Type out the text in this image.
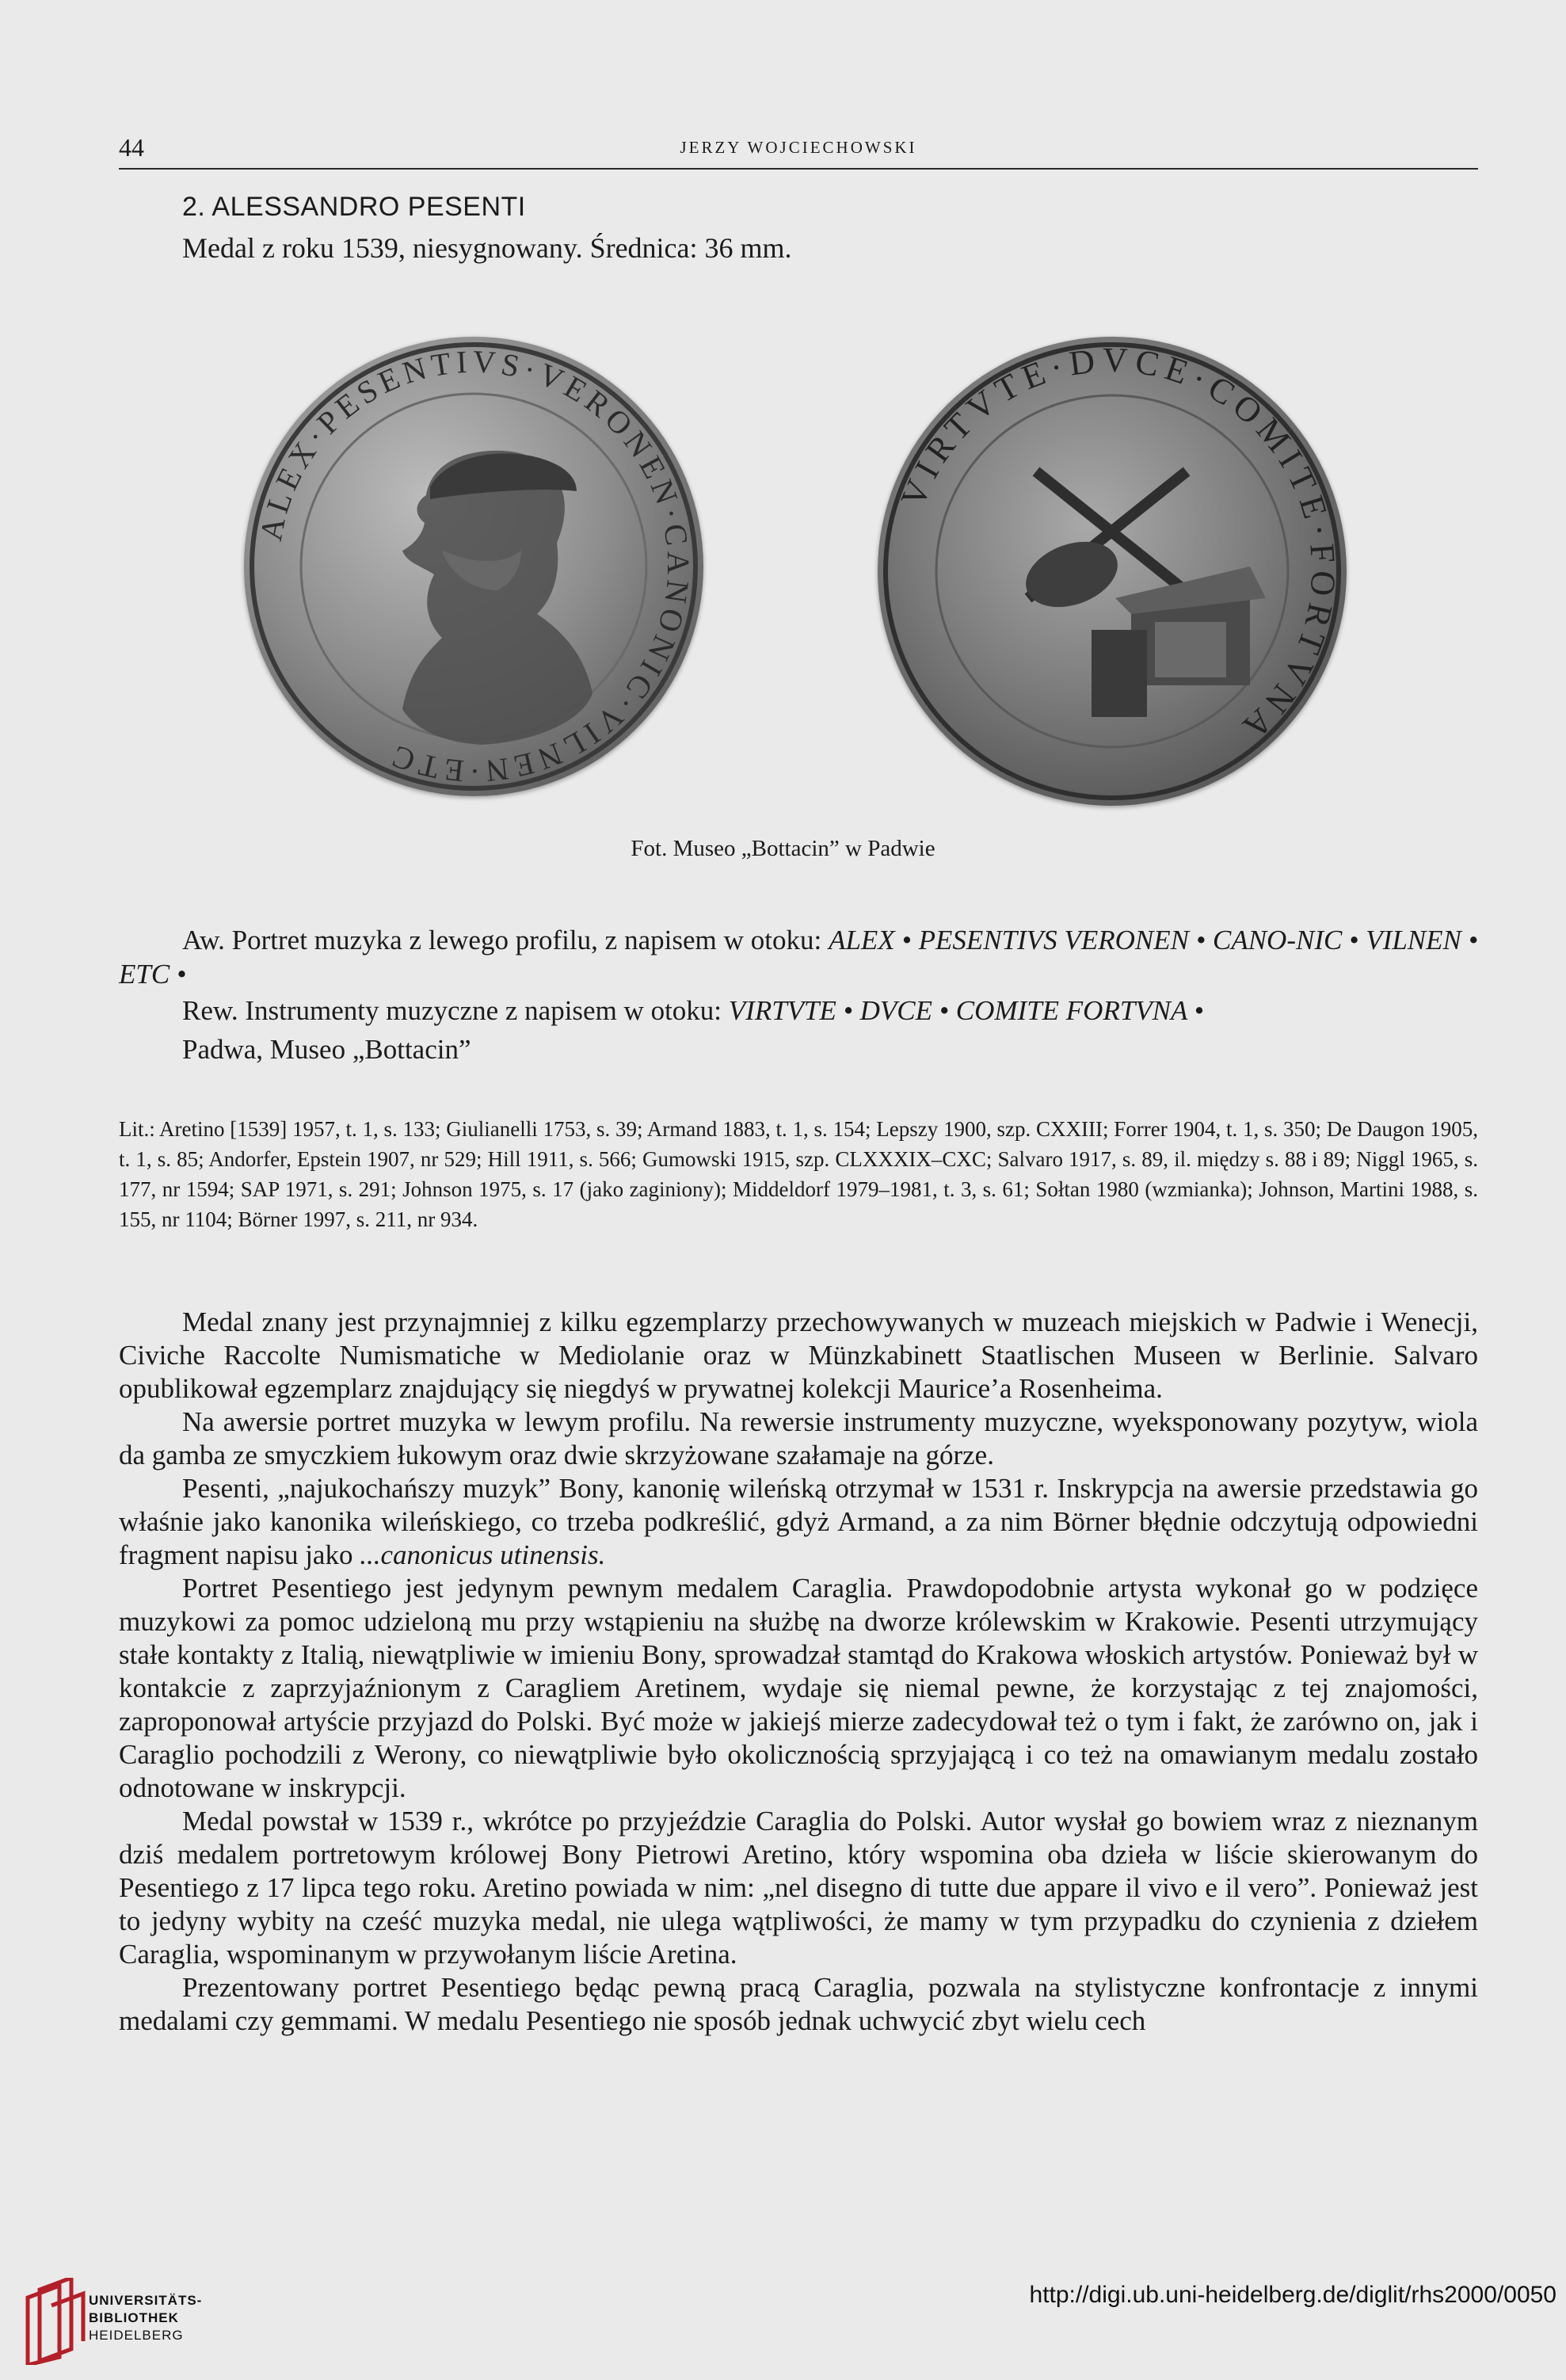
44	JERZY WOJCIECHOWSKI
2. ALESSANDRO PESENTI
Medal z roku 1539, niesygnowany. Średnica: 36 mm.
ALEX·PESENTIVS·VERONEN·CANONIC·VILNEN·ETC
VIRTVTE·DVCE·COMITE·FORTVNA
Fot. Museo „Bottacin” w Padwie
Aw. Portret muzyka z lewego profilu, z napisem w otoku: ALEX • PESENTIVS VERONEN • CANO-NIC • VILNEN • ETC •
Rew. Instrumenty muzyczne z napisem w otoku: VIRTVTE • DVCE • COMITE FORTVNA •
Padwa, Museo „Bottacin”
Lit.: Aretino [1539] 1957, t. 1, s. 133; Giulianelli 1753, s. 39; Armand 1883, t. 1, s. 154; Lepszy 1900, szp. CXXIII; Forrer 1904, t. 1, s. 350; De Daugon 1905, t. 1, s. 85; Andorfer, Epstein 1907, nr 529; Hill 1911, s. 566; Gumowski 1915, szp. CLXXXIX–CXC; Salvaro 1917, s. 89, il. między s. 88 i 89; Niggl 1965, s. 177, nr 1594; SAP 1971, s. 291; Johnson 1975, s. 17 (jako zaginiony); Middeldorf 1979–1981, t. 3, s. 61; Sołtan 1980 (wzmianka); Johnson, Martini 1988, s. 155, nr 1104; Börner 1997, s. 211, nr 934.

Medal znany jest przynajmniej z kilku egzemplarzy przechowywanych w muzeach miejskich w Padwie i Wenecji, Civiche Raccolte Numismatiche w Mediolanie oraz w Münzkabinett Staatlischen Museen w Berlinie. Salvaro opublikował egzemplarz znajdujący się niegdyś w prywatnej kolekcji Maurice’a Rosenheima.

Na awersie portret muzyka w lewym profilu. Na rewersie instrumenty muzyczne, wyeksponowany pozytyw, wiola da gamba ze smyczkiem łukowym oraz dwie skrzyżowane szałamaje na górze.

Pesenti, „najukochańszy muzyk” Bony, kanonię wileńską otrzymał w 1531 r. Inskrypcja na awersie przedstawia go właśnie jako kanonika wileńskiego, co trzeba podkreślić, gdyż Armand, a za nim Börner błędnie odczytują odpowiedni fragment napisu jako ...canonicus utinensis.

Portret Pesentiego jest jedynym pewnym medalem Caraglia. Prawdopodobnie artysta wykonał go w podzięce muzykowi za pomoc udzieloną mu przy wstąpieniu na służbę na dworze królewskim w Krakowie. Pesenti utrzymujący stałe kontakty z Italią, niewątpliwie w imieniu Bony, sprowadzał stamtąd do Krakowa włoskich artystów. Ponieważ był w kontakcie z zaprzyjaźnionym z Caragliem Aretinem, wydaje się niemal pewne, że korzystając z tej znajomości, zaproponował artyście przyjazd do Polski. Być może w jakiejś mierze zadecydował też o tym i fakt, że zarówno on, jak i Caraglio pochodzili z Werony, co niewątpliwie było okolicznością sprzyjającą i co też na omawianym medalu zostało odnotowane w inskrypcji.

Medal powstał w 1539 r., wkrótce po przyjeździe Caraglia do Polski. Autor wysłał go bowiem wraz z nieznanym dziś medalem portretowym królowej Bony Pietrowi Aretino, który wspomina oba dzieła w liście skierowanym do Pesentiego z 17 lipca tego roku. Aretino powiada w nim: „nel disegno di tutte due appare il vivo e il vero”. Ponieważ jest to jedyny wybity na cześć muzyka medal, nie ulega wątpliwości, że mamy w tym przypadku do czynienia z dziełem Caraglia, wspominanym w przywołanym liście Aretina.

Prezentowany portret Pesentiego będąc pewną pracą Caraglia, pozwala na stylistyczne konfrontacje z innymi medalami czy gemmami. W medalu Pesentiego nie sposób jednak uchwycić zbyt wielu cech

UNIVERSITÄTS-
BIBLIOTHEK
HEIDELBERG
http://digi.ub.uni-heidelberg.de/diglit/rhs2000/0050
